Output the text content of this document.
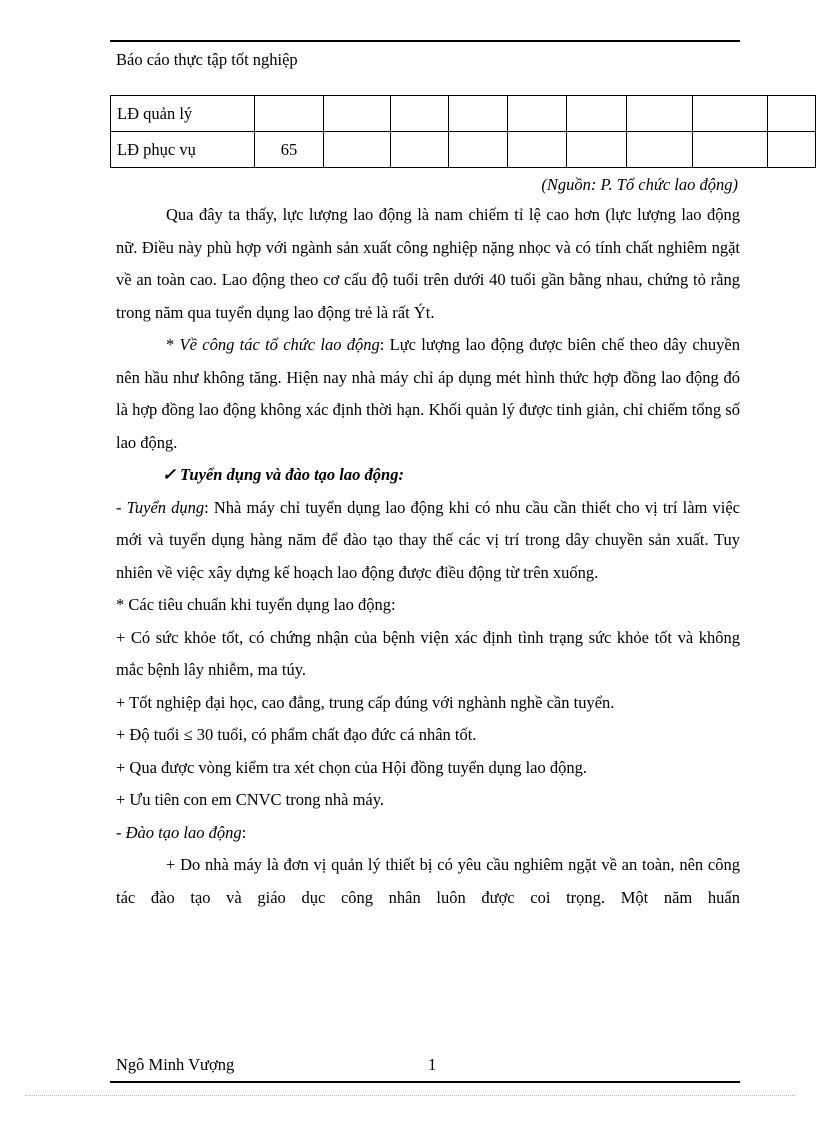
Báo cáo thực tập tốt nghiệp
LĐ quản lý									
LĐ phục vụ	65								
(Nguồn: P. Tổ chức lao động)

Qua đây ta thấy, lực lượng lao động là nam chiếm tỉ lệ cao hơn (lực lượng lao động nữ. Điều này phù hợp với ngành sản xuất công nghiệp nặng nhọc và có tính chất nghiêm ngặt về an toàn cao. Lao động theo cơ cấu độ tuổi trên dưới 40 tuổi gần bằng nhau, chứng tỏ rằng trong năm qua tuyển dụng lao động trẻ là rất Ýt.

* Về công tác tổ chức lao động: Lực lượng lao động được biên chế theo dây chuyền nên hầu như không tăng. Hiện nay nhà máy chỉ áp dụng mét hình thức hợp đồng lao động đó là hợp đồng lao động không xác định thời hạn. Khối quản lý được tinh giản, chỉ chiếm tổng số lao động.

✓ Tuyển dụng và đào tạo lao động:

- Tuyển dụng: Nhà máy chỉ tuyển dụng lao động khi có nhu cầu cần thiết cho vị trí làm việc mới và tuyển dụng hàng năm để đào tạo thay thế các vị trí trong dây chuyền sản xuất. Tuy nhiên về việc xây dựng kế hoạch lao động được điều động từ trên xuống.

* Các tiêu chuẩn khi tuyển dụng lao động:

+ Có sức khỏe tốt, có chứng nhận của bệnh viện xác định tình trạng sức khỏe tốt và không mắc bệnh lây nhiễm, ma túy.

+ Tốt nghiệp đại học, cao đẳng, trung cấp đúng với nghành nghề cần tuyển.

+ Độ tuổi ≤ 30 tuổi, có phẩm chất đạo đức cá nhân tốt.

+ Qua được vòng kiểm tra xét chọn của Hội đồng tuyển dụng lao động.

+ Ưu tiên con em CNVC trong nhà máy.

- Đào tạo lao động:

+ Do nhà máy là đơn vị quản lý thiết bị có yêu cầu nghiêm ngặt về an toàn, nên công tác đào tạo và giáo dục công nhân luôn được coi trọng. Một năm huấn

Ngô Minh Vượng	1
